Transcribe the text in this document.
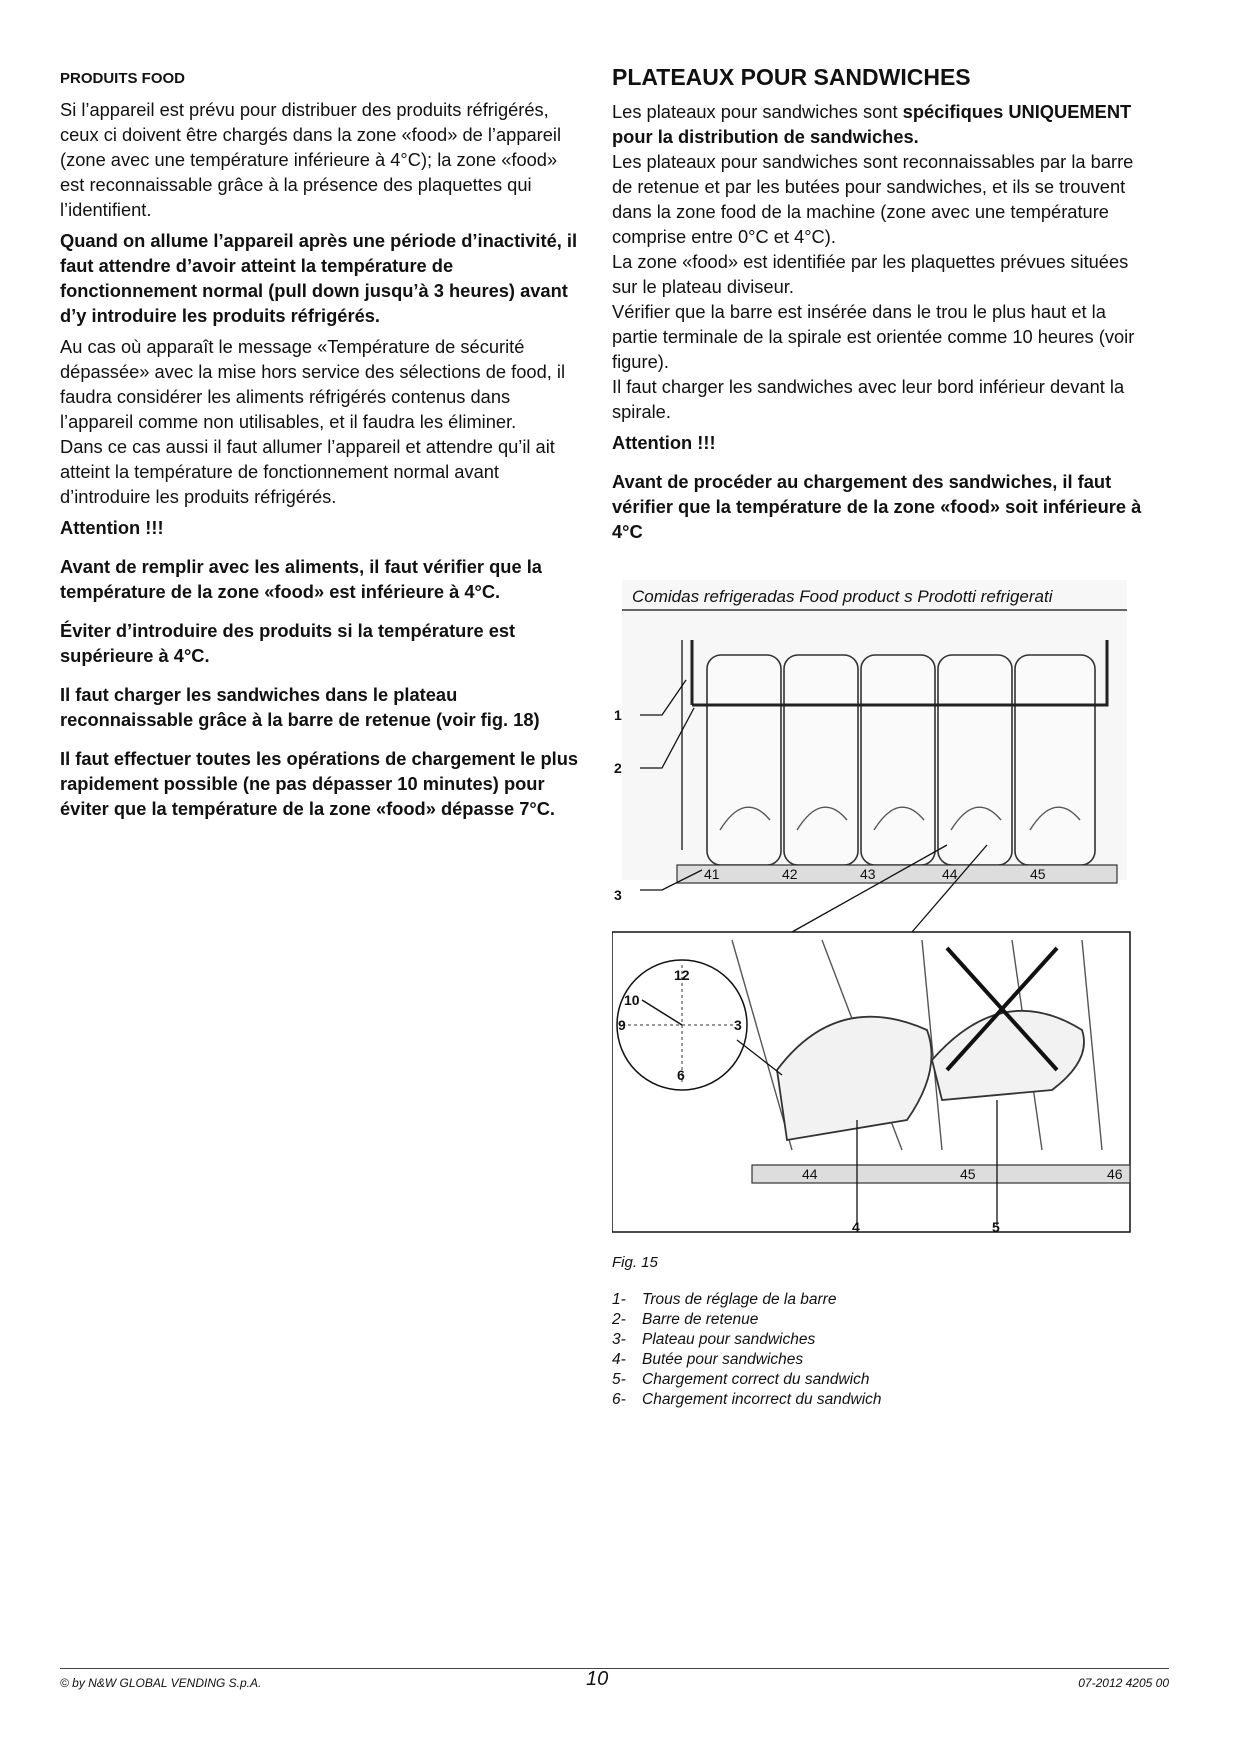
PRODUITS FOOD

Si l’appareil est prévu pour distribuer des produits réfrigérés, ceux ci doivent être chargés dans la zone «food» de l’appareil (zone avec une température inférieure à 4°C); la zone «food» est reconnaissable grâce à la présence des plaquettes qui l’identifient.

Quand on allume l’appareil après une période d’inactivité, il faut attendre d’avoir atteint la température de fonctionnement normal (pull down jusqu’à 3 heures) avant d’y introduire les produits réfrigérés.

Au cas où apparaît le message «Température de sécurité dépassée» avec la mise hors service des sélections de food, il faudra considérer les aliments réfrigérés contenus dans l’appareil comme non utilisables, et il faudra les éliminer.

Dans ce cas aussi il faut allumer l’appareil et attendre qu’il ait atteint la température de fonctionnement normal avant d’introduire les produits réfrigérés.

Attention !!!

Avant de remplir avec les aliments, il faut vérifier que la température de la zone «food» est inférieure à 4°C.

Éviter d’introduire des produits si la température est supérieure à 4°C.

Il faut charger les sandwiches dans le plateau reconnaissable grâce à la barre de retenue (voir fig. 18)

Il faut effectuer toutes les opérations de chargement le plus rapidement possible (ne pas dépasser 10 minutes) pour éviter que la température de la zone «food» dépasse 7°C.

PLATEAUX POUR SANDWICHES

Les plateaux pour sandwiches sont spécifiques UNIQUEMENT pour la distribution de sandwiches.

Les plateaux pour sandwiches sont reconnaissables par la barre de retenue et par les butées pour sandwiches, et ils se trouvent dans la zone food de la machine (zone avec une température comprise entre 0°C et 4°C).

La zone «food» est identifiée par les plaquettes prévues situées sur le plateau diviseur.

Vérifier que la barre est insérée dans le trou le plus haut et la partie terminale de la spirale est orientée comme 10 heures (voir figure).

Il faut charger les sandwiches avec leur bord inférieur devant la spirale.

Attention !!!

Avant de procéder au chargement des sandwiches, il faut vérifier que la température de la zone «food» soit inférieure à 4°C

Comidas refrigeradas Food product s Prodotti refrigerati
41	42	43	44	45
1
2
3
44	45	46
12
10
9	3
6
4	5
Fig. 15
1-	Trous de réglage de la barre
2-	Barre de retenue
3-	Plateau pour sandwiches
4-	Butée pour sandwiches
5-	Chargement correct du sandwich
6-	Chargement incorrect du sandwich
© by N&W GLOBAL VENDING S.p.A.	10	07-2012 4205 00
